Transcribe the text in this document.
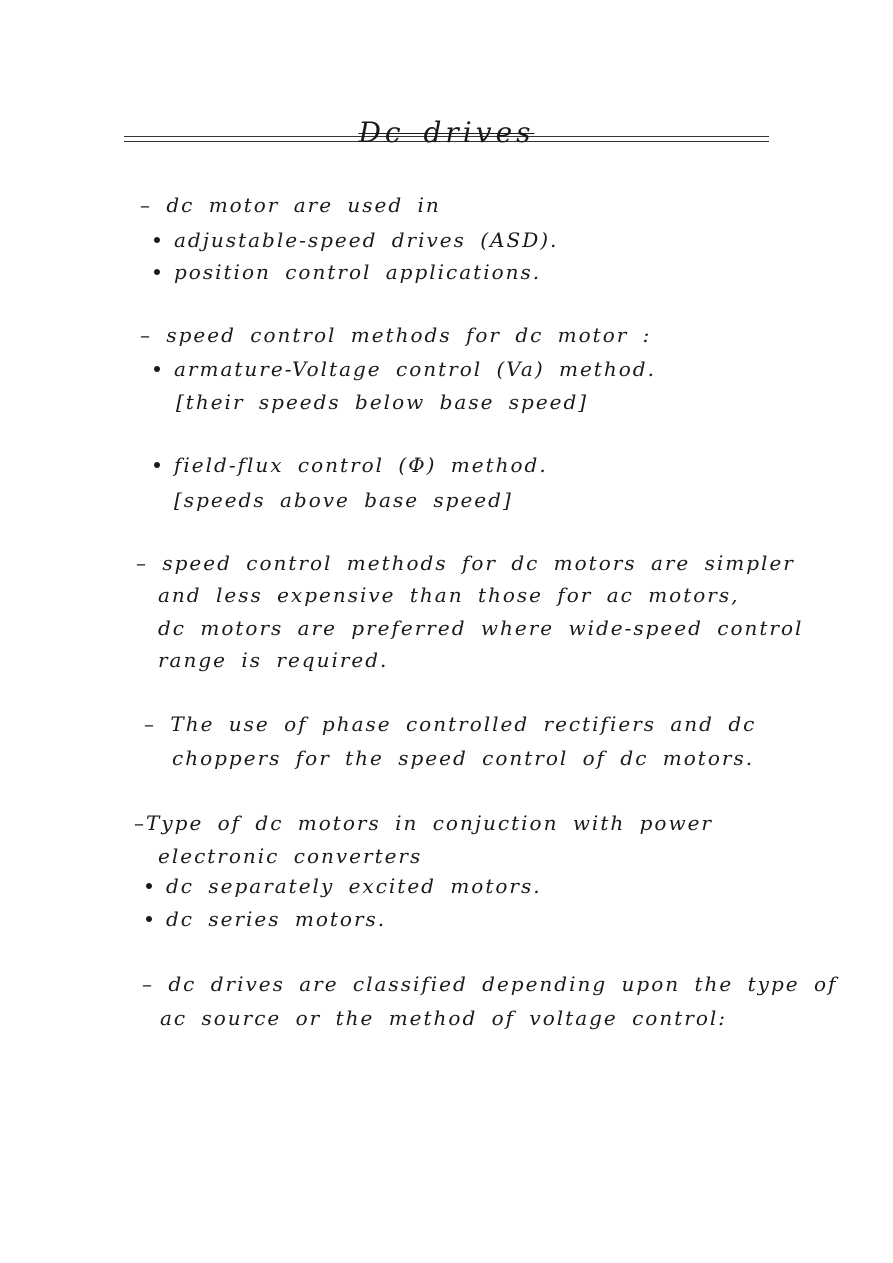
Dc drives
– dc motor are used in
adjustable-speed drives (ASD).
position control applications.
– speed control methods for dc motor :
armature-Voltage control (Va) method.
[their speeds below base speed]
field-flux control (Φ) method.
[speeds above base speed]
– speed control methods for dc motors are simpler
and less expensive than those for ac motors,
dc motors are preferred where wide-speed control
range is required.
– The use of phase controlled rectifiers and dc
choppers for the speed control of dc motors.
–Type of dc motors in conjuction with power
electronic converters
dc separately excited motors.
dc series motors.
– dc drives are classified depending upon the type of
ac source or the method of voltage control:
